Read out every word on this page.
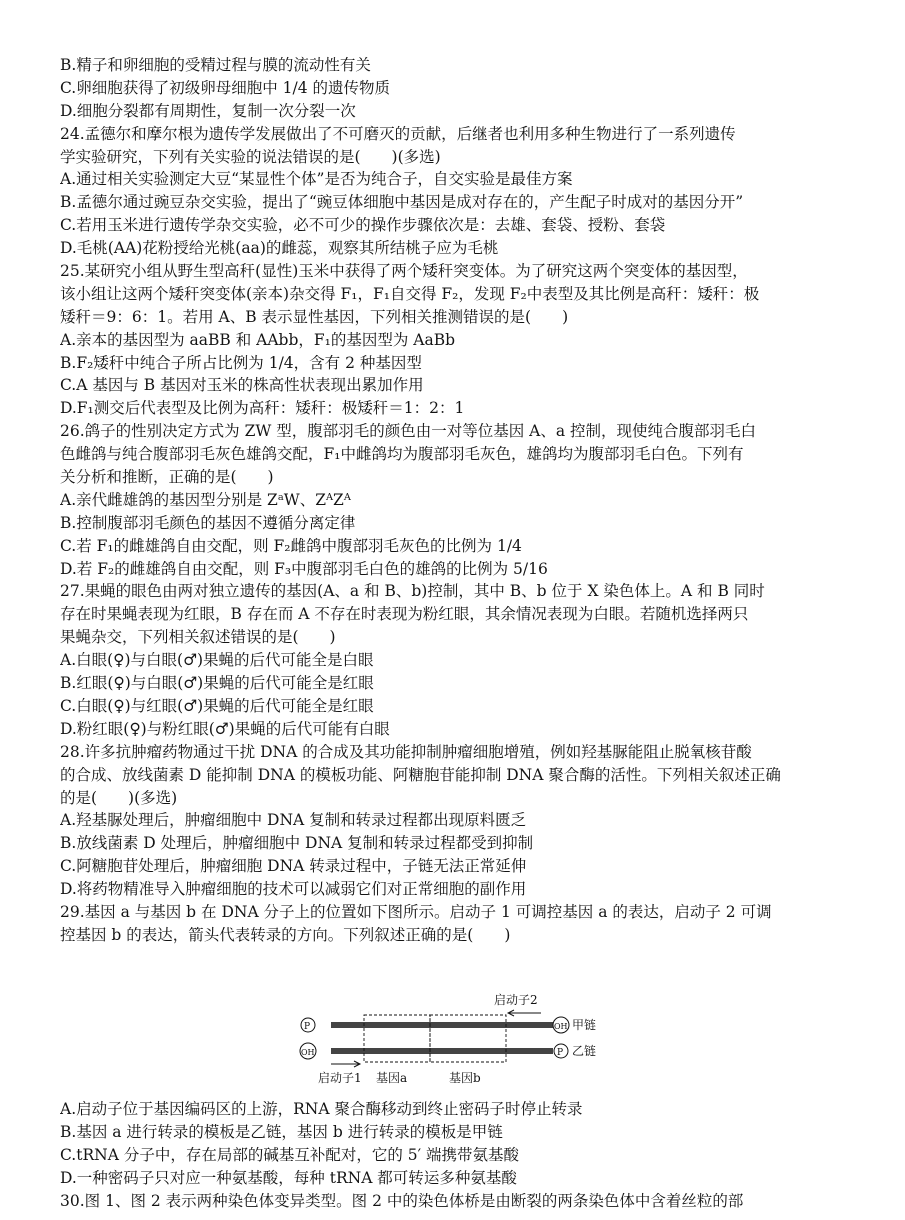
B.精子和卵细胞的受精过程与膜的流动性有关
C.卵细胞获得了初级卵母细胞中 1/4 的遗传物质
D.细胞分裂都有周期性，复制一次分裂一次
24.孟德尔和摩尔根为遗传学发展做出了不可磨灭的贡献，后继者也利用多种生物进行了一系列遗传
学实验研究，下列有关实验的说法错误的是(　　)(多选)
A.通过相关实验测定大豆“某显性个体”是否为纯合子，自交实验是最佳方案
B.孟德尔通过豌豆杂交实验，提出了“豌豆体细胞中基因是成对存在的，产生配子时成对的基因分开”
C.若用玉米进行遗传学杂交实验，必不可少的操作步骤依次是：去雄、套袋、授粉、套袋
D.毛桃(AA)花粉授给光桃(aa)的雌蕊，观察其所结桃子应为毛桃
25.某研究小组从野生型高秆(显性)玉米中获得了两个矮秆突变体。为了研究这两个突变体的基因型，
该小组让这两个矮秆突变体(亲本)杂交得 F₁，F₁自交得 F₂，发现 F₂中表型及其比例是高秆：矮秆：极
矮秆＝9：6：1。若用 A、B 表示显性基因，下列相关推测错误的是(　　)
A.亲本的基因型为 aaBB 和 AAbb，F₁的基因型为 AaBb
B.F₂矮秆中纯合子所占比例为 1/4，含有 2 种基因型
C.A 基因与 B 基因对玉米的株高性状表现出累加作用
D.F₁测交后代表型及比例为高秆：矮秆：极矮秆＝1：2：1
26.鸽子的性别决定方式为 ZW 型，腹部羽毛的颜色由一对等位基因 A、a 控制，现使纯合腹部羽毛白
色雌鸽与纯合腹部羽毛灰色雄鸽交配，F₁中雌鸽均为腹部羽毛灰色，雄鸽均为腹部羽毛白色。下列有
关分析和推断，正确的是(　　)
A.亲代雌雄鸽的基因型分别是 ZᵃW、ZᴬZᴬ
B.控制腹部羽毛颜色的基因不遵循分离定律
C.若 F₁的雌雄鸽自由交配，则 F₂雌鸽中腹部羽毛灰色的比例为 1/4
D.若 F₂的雌雄鸽自由交配，则 F₃中腹部羽毛白色的雄鸽的比例为 5/16
27.果蝇的眼色由两对独立遗传的基因(A、a 和 B、b)控制，其中 B、b 位于 X 染色体上。A 和 B 同时
存在时果蝇表现为红眼，B 存在而 A 不存在时表现为粉红眼，其余情况表现为白眼。若随机选择两只
果蝇杂交，下列相关叙述错误的是(　　)
A.白眼(♀)与白眼(♂)果蝇的后代可能全是白眼
B.红眼(♀)与白眼(♂)果蝇的后代可能全是红眼
C.白眼(♀)与红眼(♂)果蝇的后代可能全是红眼
D.粉红眼(♀)与粉红眼(♂)果蝇的后代可能有白眼
28.许多抗肿瘤药物通过干扰 DNA 的合成及其功能抑制肿瘤细胞增殖，例如羟基脲能阻止脱氧核苷酸
的合成、放线菌素 D 能抑制 DNA 的模板功能、阿糖胞苷能抑制 DNA 聚合酶的活性。下列相关叙述正确
的是(　　)(多选)
A.羟基脲处理后，肿瘤细胞中 DNA 复制和转录过程都出现原料匮乏
B.放线菌素 D 处理后，肿瘤细胞中 DNA 复制和转录过程都受到抑制
C.阿糖胞苷处理后，肿瘤细胞 DNA 转录过程中，子链无法正常延伸
D.将药物精准导入肿瘤细胞的技术可以减弱它们对正常细胞的副作用
29.基因 a 与基因 b 在 DNA 分子上的位置如下图所示。启动子 1 可调控基因 a 的表达，启动子 2 可调
控基因 b 的表达，箭头代表转录的方向。下列叙述正确的是(　　)
启动子2
P	OH 甲链
OH	P 乙链
启动子1 基因a	基因b
A.启动子位于基因编码区的上游，RNA 聚合酶移动到终止密码子时停止转录
B.基因 a 进行转录的模板是乙链，基因 b 进行转录的模板是甲链
C.tRNA 分子中，存在局部的碱基互补配对，它的 5′ 端携带氨基酸
D.一种密码子只对应一种氨基酸，每种 tRNA 都可转运多种氨基酸
30.图 1、图 2 表示两种染色体变异类型。图 2 中的染色体桥是由断裂的两条染色体中含着丝粒的部
